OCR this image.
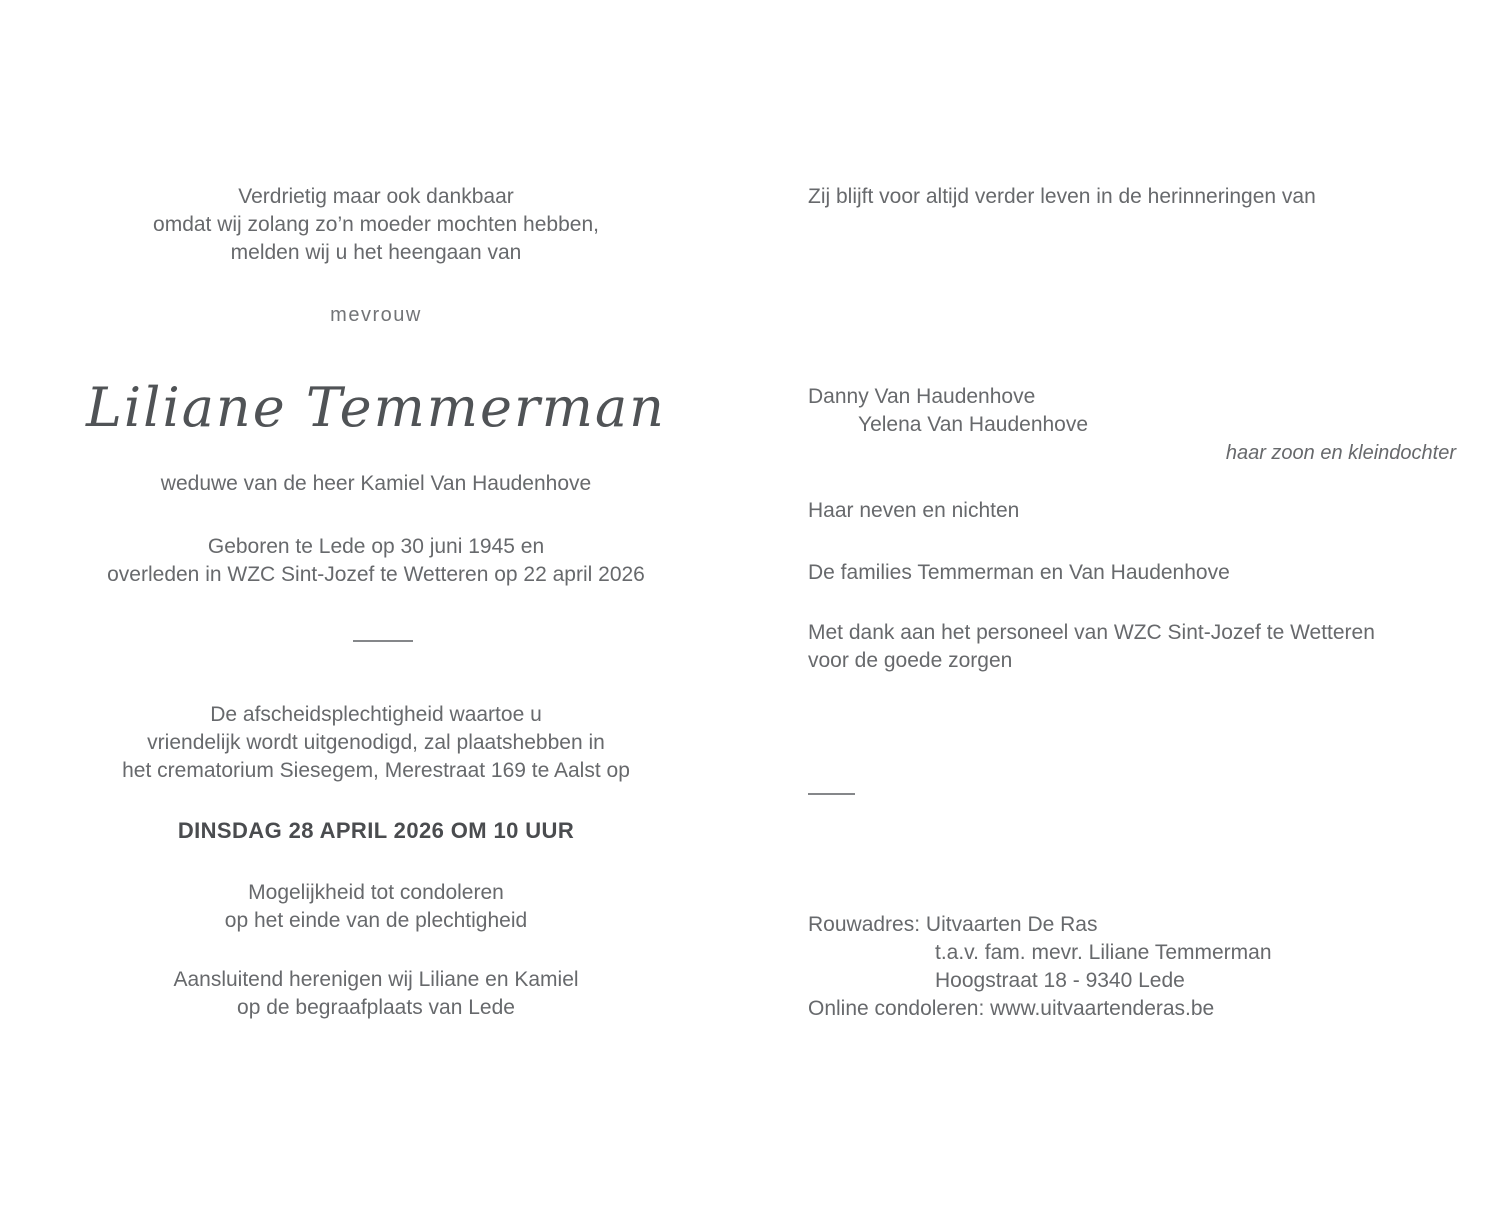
Verdrietig maar ook dankbaar
omdat wij zolang zo’n moeder mochten hebben,
melden wij u het heengaan van
mevrouw
Liliane Temmerman
weduwe van de heer Kamiel Van Haudenhove
Geboren te Lede op 30 juni 1945 en
overleden in WZC Sint-Jozef te Wetteren op 22 april 2026
De afscheidsplechtigheid waartoe u
vriendelijk wordt uitgenodigd, zal plaatshebben in
het crematorium Siesegem, Merestraat 169 te Aalst op
DINSDAG 28 APRIL 2026 OM 10 UUR
Mogelijkheid tot condoleren
op het einde van de plechtigheid
Aansluitend herenigen wij Liliane en Kamiel
op de begraafplaats van Lede
Zij blijft voor altijd verder leven in de herinneringen van
Danny Van Haudenhove
Yelena Van Haudenhove
haar zoon en kleindochter
Haar neven en nichten
De families Temmerman en Van Haudenhove
Met dank aan het personeel van WZC Sint-Jozef te Wetteren
voor de goede zorgen
Rouwadres: Uitvaarten De Ras
t.a.v. fam. mevr. Liliane Temmerman
Hoogstraat 18 - 9340 Lede
Online condoleren: www.uitvaartenderas.be
